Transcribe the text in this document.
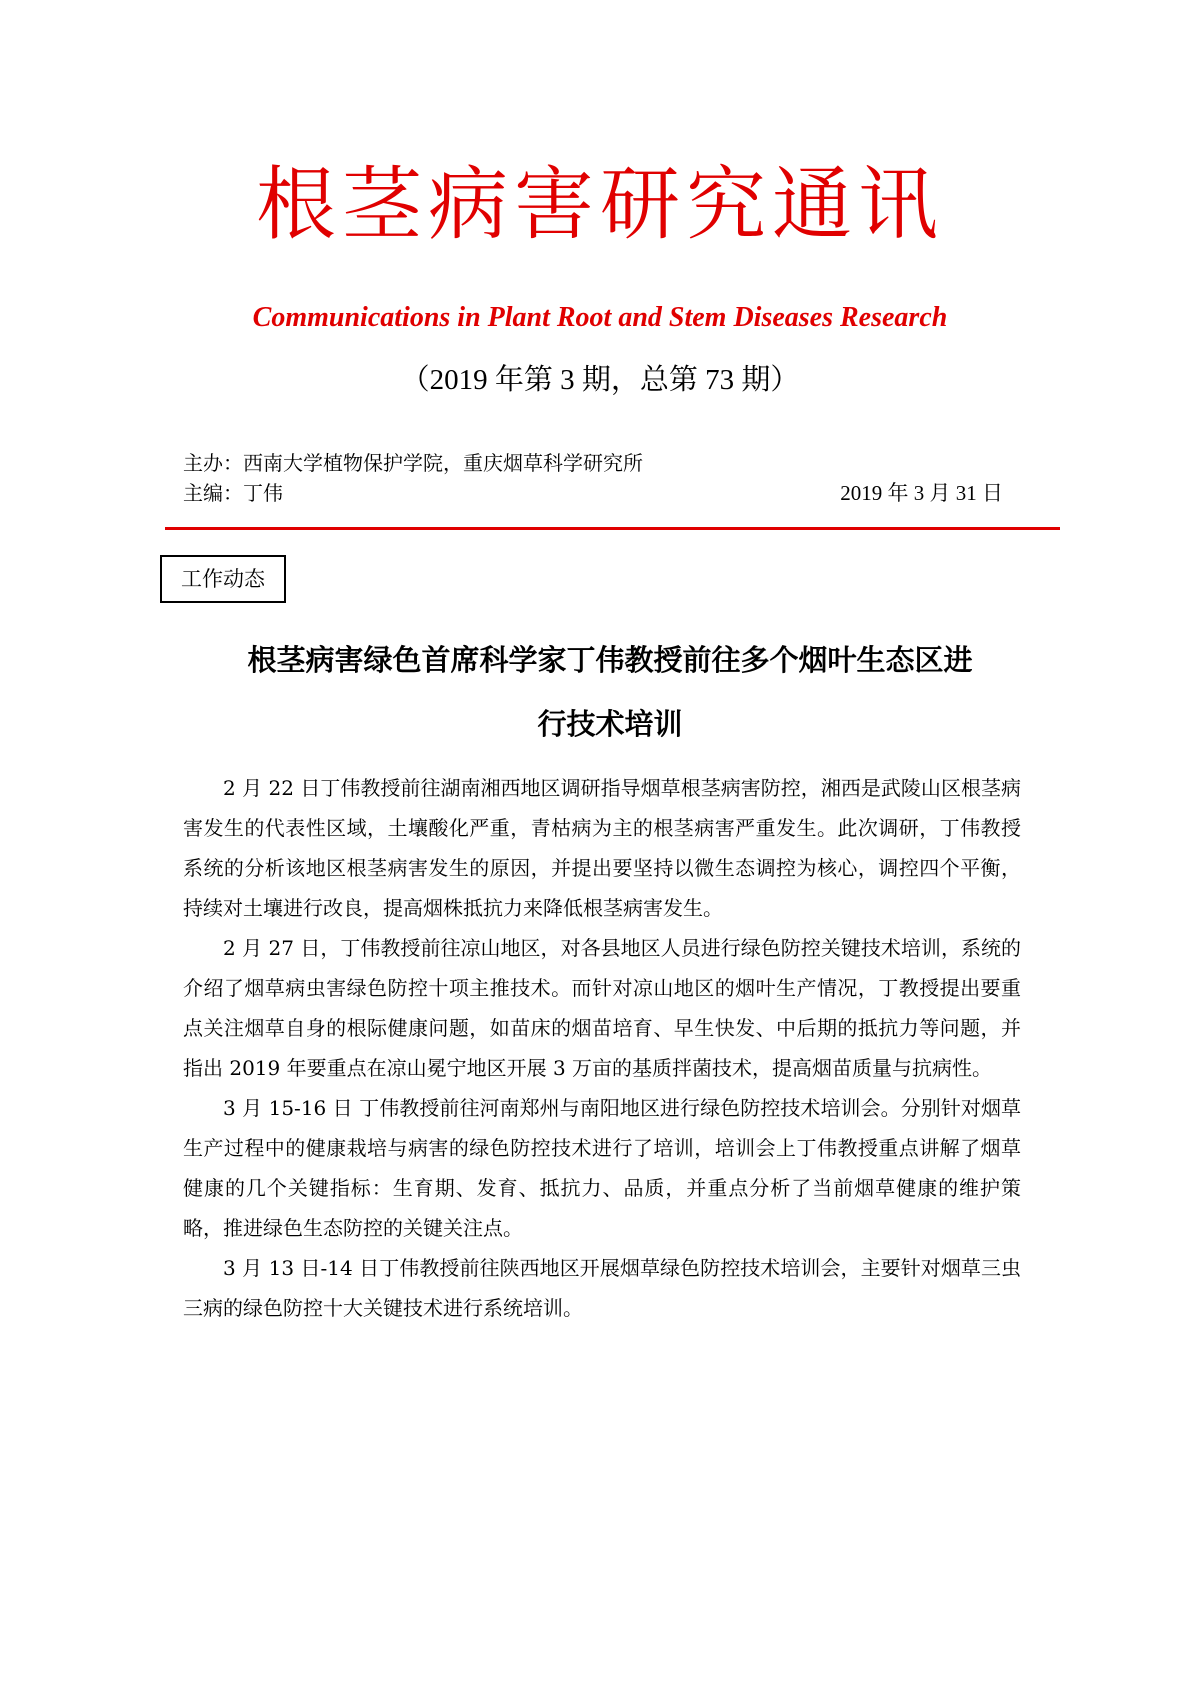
根茎病害研究通讯
Communications in Plant Root and Stem Diseases Research
（2019 年第 3 期，总第 73 期）
主办：西南大学植物保护学院，重庆烟草科学研究所
主编：丁伟	2019 年 3 月 31 日
工作动态
根茎病害绿色首席科学家丁伟教授前往多个烟叶生态区进
行技术培训

2 月 22 日丁伟教授前往湖南湘西地区调研指导烟草根茎病害防控，湘西是武陵山区根茎病害发生的代表性区域，土壤酸化严重，青枯病为主的根茎病害严重发生。此次调研，丁伟教授系统的分析该地区根茎病害发生的原因，并提出要坚持以微生态调控为核心，调控四个平衡，持续对土壤进行改良，提高烟株抵抗力来降低根茎病害发生。

2 月 27 日，丁伟教授前往凉山地区，对各县地区人员进行绿色防控关键技术培训，系统的介绍了烟草病虫害绿色防控十项主推技术。而针对凉山地区的烟叶生产情况，丁教授提出要重点关注烟草自身的根际健康问题，如苗床的烟苗培育、早生快发、中后期的抵抗力等问题，并指出 2019 年要重点在凉山冕宁地区开展 3 万亩的基质拌菌技术，提高烟苗质量与抗病性。

3 月 15-16 日 丁伟教授前往河南郑州与南阳地区进行绿色防控技术培训会。分别针对烟草生产过程中的健康栽培与病害的绿色防控技术进行了培训，培训会上丁伟教授重点讲解了烟草健康的几个关键指标：生育期、发育、抵抗力、品质，并重点分析了当前烟草健康的维护策略，推进绿色生态防控的关键关注点。

3 月 13 日-14 日丁伟教授前往陕西地区开展烟草绿色防控技术培训会，主要针对烟草三虫三病的绿色防控十大关键技术进行系统培训。
